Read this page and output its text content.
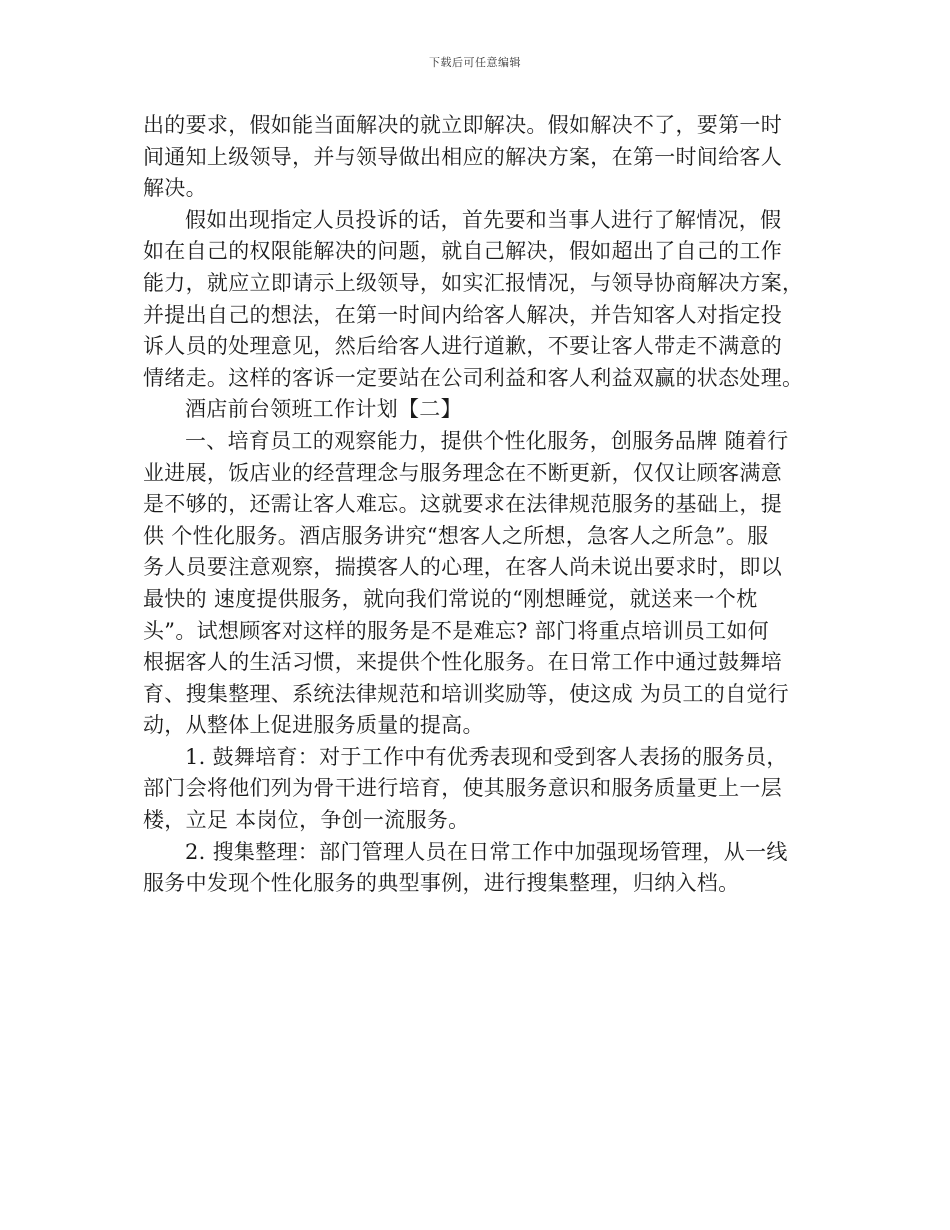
下载后可任意编辑
出的要求，假如能当面解决的就立即解决。假如解决不了，要第一时
间通知上级领导，并与领导做出相应的解决方案，在第一时间给客人
解决。
假如出现指定人员投诉的话，首先要和当事人进行了解情况，假
如在自己的权限能解决的问题，就自己解决，假如超出了自己的工作
能力，就应立即请示上级领导，如实汇报情况，与领导协商解决方案，
并提出自己的想法，在第一时间内给客人解决，并告知客人对指定投
诉人员的处理意见，然后给客人进行道歉，不要让客人带走不满意的
情绪走。这样的客诉一定要站在公司利益和客人利益双赢的状态处理。
酒店前台领班工作计划【二】
一、培育员工的观察能力，提供个性化服务，创服务品牌 随着行
业进展，饭店业的经营理念与服务理念在不断更新，仅仅让顾客满意
是不够的，还需让客人难忘。这就要求在法律规范服务的基础上，提
供 个性化服务。酒店服务讲究“想客人之所想，急客人之所急”。服
务人员要注意观察，揣摸客人的心理，在客人尚未说出要求时，即以
最快的 速度提供服务，就向我们常说的“刚想睡觉，就送来一个枕
头”。试想顾客对这样的服务是不是难忘? 部门将重点培训员工如何
根据客人的生活习惯，来提供个性化服务。在日常工作中通过鼓舞培
育、搜集整理、系统法律规范和培训奖励等，使这成 为员工的自觉行
动，从整体上促进服务质量的提高。
1. 鼓舞培育：对于工作中有优秀表现和受到客人表扬的服务员，
部门会将他们列为骨干进行培育，使其服务意识和服务质量更上一层
楼，立足 本岗位，争创一流服务。
2. 搜集整理：部门管理人员在日常工作中加强现场管理，从一线
服务中发现个性化服务的典型事例，进行搜集整理，归纳入档。
